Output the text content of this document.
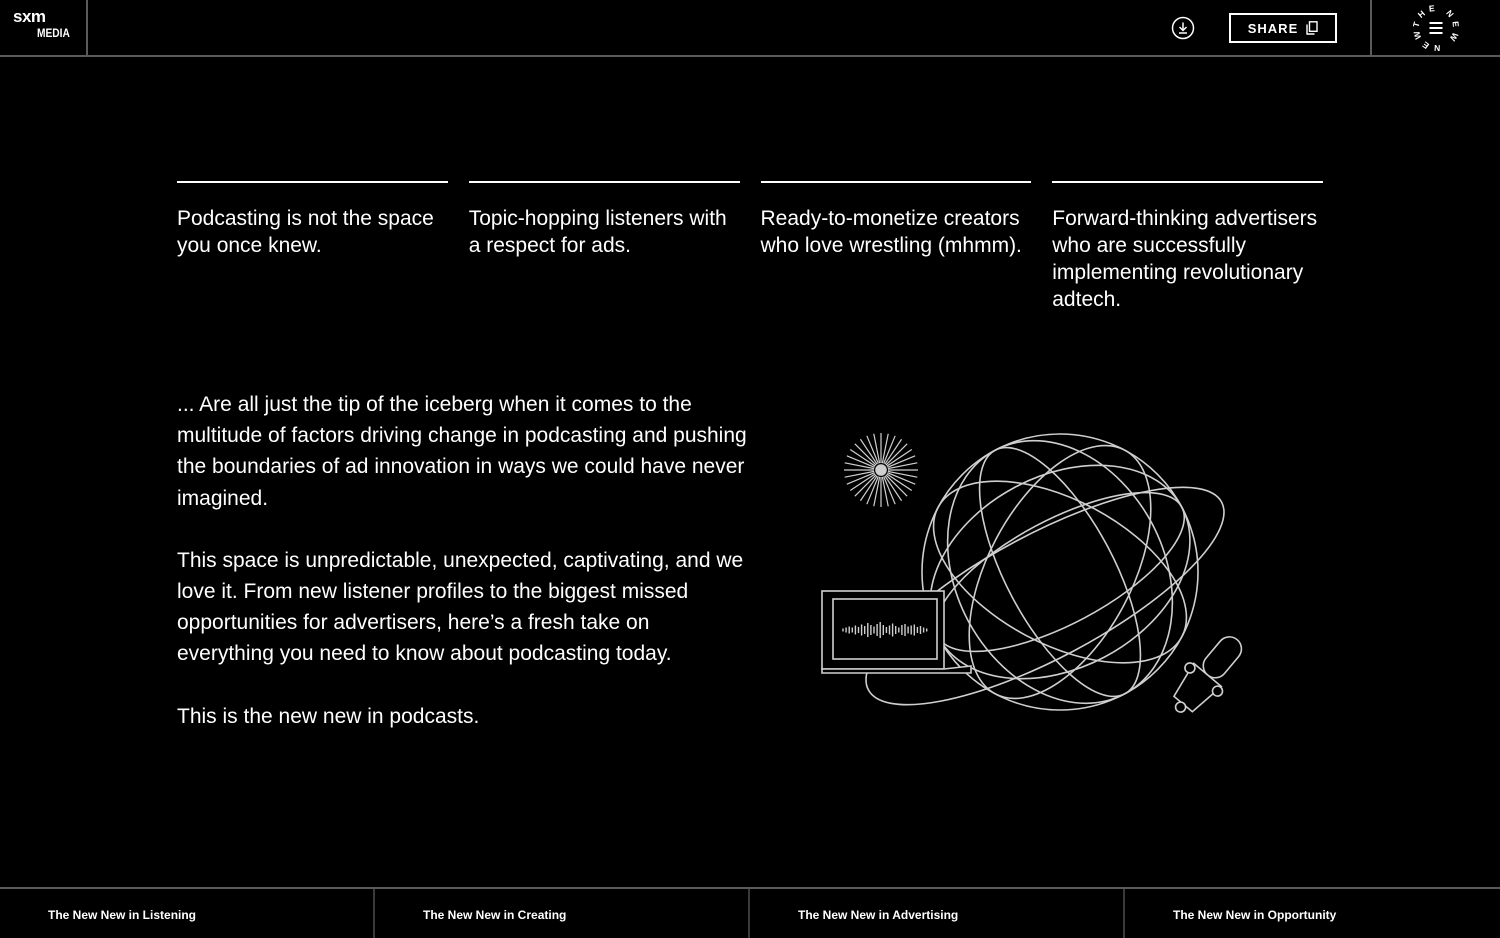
sxm
MEDIA	SHARE
HE N W NE
Podcasting is not the space you once knew.
Topic-hopping listeners with a respect for ads.
Ready-to-monetize creators who love wrestling (mhmm).
Forward-thinking advertisers who are successfully implementing revolutionary adtech.

... Are all just the tip of the iceberg when it comes to the multitude of factors driving change in podcasting and pushing the boundaries of ad innovation in ways we could have never imagined.

This space is unpredictable, unexpected, captivating, and we love it. From new listener profiles to the biggest missed opportunities for advertisers, here’s a fresh take on everything you need to know about podcasting today.

This is the new new in podcasts.

The New New in Listening	The New New in Creating	The New New in Advertising	The New New in Opportunity
